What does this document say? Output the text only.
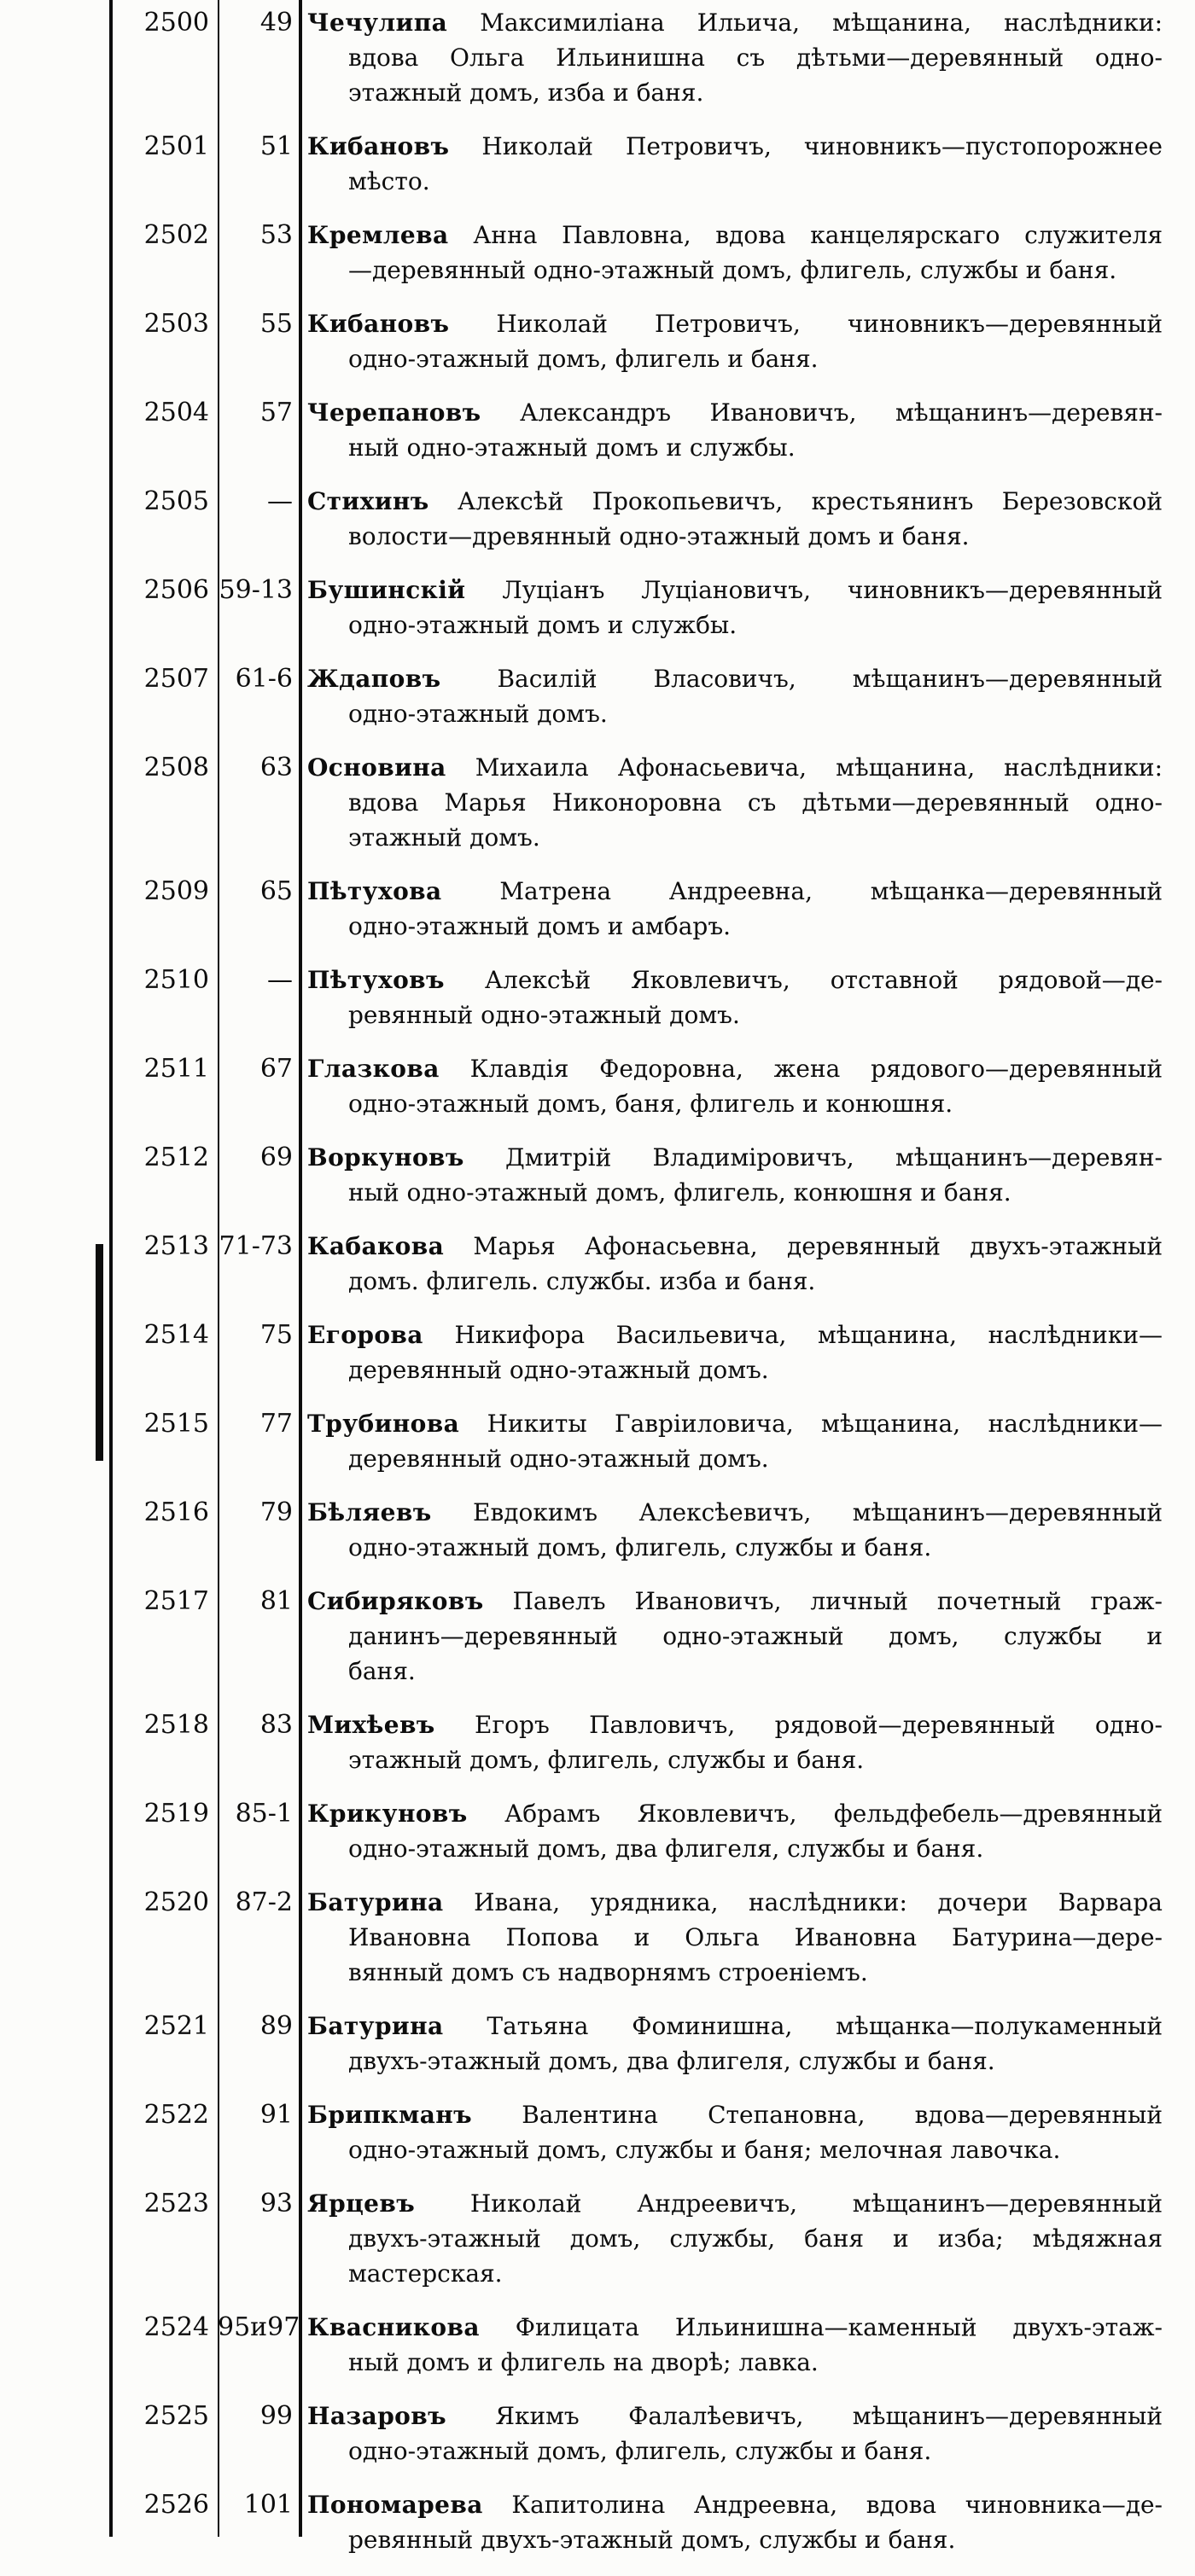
2500	49 Чечулипа Максимиліана Ильича, мѣщанина, наслѣдники:
вдова Ольга Ильинишна съ дѣтьми—деревянный одно-
этажный домъ, изба и баня.
2501	51 Кибановъ Николай Петровичъ, чиновникъ—пустопорожнее
мѣсто.
2502	53 Кремлева Анна Павловна, вдова канцелярскаго служителя
—деревянный одно-этажный домъ, флигель, службы и баня.
2503	55 Кибановъ Николай Петровичъ, чиновникъ—деревянный
одно-этажный домъ, флигель и баня.
2504	57 Черепановъ Александръ Ивановичъ, мѣщанинъ—деревян-
ный одно-этажный домъ и службы.
2505	— Стихинъ Алексѣй Прокопьевичъ, крестьянинъ Березовской
волости—древянный одно-этажный домъ и баня.
2506 59-13 Бушинскій Луціанъ Луціановичъ, чиновникъ—деревянный
одно-этажный домъ и службы.
2507	61-6 Ждаповъ Василій Власовичъ, мѣщанинъ—деревянный
одно-этажный домъ.
2508	63 Основина Михаила Афонасьевича, мѣщанина, наслѣдники:
вдова Марья Никоноровна съ дѣтьми—деревянный одно-
этажный домъ.
2509	65 Пѣтухова Матрена Андреевна, мѣщанка—деревянный
одно-этажный домъ и амбаръ.
2510	— Пѣтуховъ Алексѣй Яковлевичъ, отставной рядовой—де-
ревянный одно-этажный домъ.
2511	67 Глазкова Клавдія Федоровна, жена рядового—деревянный
одно-этажный домъ, баня, флигель и конюшня.
2512	69 Воркуновъ Дмитрій Владиміровичъ, мѣщанинъ—деревян-
ный одно-этажный домъ, флигель, конюшня и баня.
2513 71-73 Кабакова Марья Афонасьевна, деревянный двухъ-этажный
домъ. флигель. службы. изба и баня.
2514	75 Егорова Никифора Васильевича, мѣщанина, наслѣдники—
деревянный одно-этажный домъ.
2515	77 Трубинова Никиты Гавріиловича, мѣщанина, наслѣдники—
деревянный одно-этажный домъ.
2516	79 Бѣляевъ Евдокимъ Алексѣевичъ, мѣщанинъ—деревянный
одно-этажный домъ, флигель, службы и баня.
2517	81 Сибиряковъ Павелъ Ивановичъ, личный почетный граж-
данинъ—деревянный одно-этажный домъ, службы и
баня.
2518	83 Михѣевъ Егоръ Павловичъ, рядовой—деревянный одно-
этажный домъ, флигель, службы и баня.
2519	85-1 Крикуновъ Абрамъ Яковлевичъ, фельдфебель—древянный
одно-этажный домъ, два флигеля, службы и баня.
2520	87-2 Батурина Ивана, урядника, наслѣдники: дочери Варвара
Ивановна Попова и Ольга Ивановна Батурина—дере-
вянный домъ съ надворнямъ строеніемъ.
2521	89 Батурина Татьяна Фоминишна, мѣщанка—полукаменный
двухъ-этажный домъ, два флигеля, службы и баня.
2522	91 Брипкманъ Валентина Степановна, вдова—деревянный
одно-этажный домъ, службы и баня; мелочная лавочка.
2523	93 Ярцевъ Николай Андреевичъ, мѣщанинъ—деревянный
двухъ-этажный домъ, службы, баня и изба; мѣдяжная
мастерская.
2524 95и97 Квасникова Филицата Ильинишна—каменный двухъ-этаж-
ный домъ и флигель на дворѣ; лавка.
2525	99 Назаровъ Якимъ Фалалѣевичъ, мѣщанинъ—деревянный
одно-этажный домъ, флигель, службы и баня.
2526	101 Пономарева Капитолина Андреевна, вдова чиновника—де-
ревянный двухъ-этажный домъ, службы и баня.
